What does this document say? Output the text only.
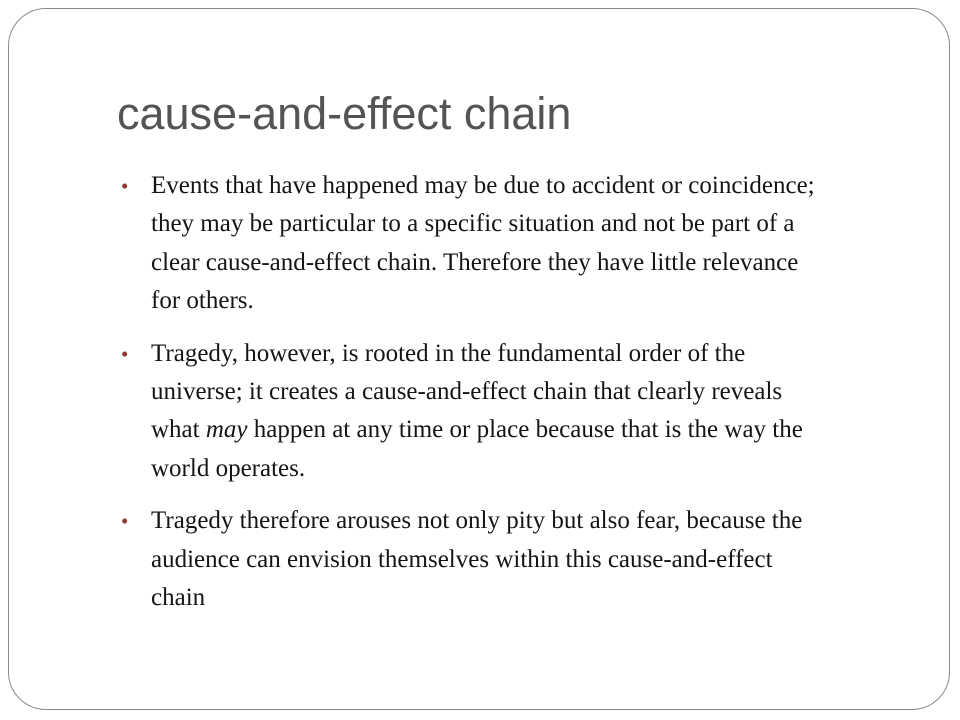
cause-and-effect chain
• Events that have happened may be due to accident or coincidence;
they may be particular to a specific situation and not be part of a
clear cause-and-effect chain. Therefore they have little relevance
for others.
• Tragedy, however, is rooted in the fundamental order of the
universe; it creates a cause-and-effect chain that clearly reveals
what may happen at any time or place because that is the way the
world operates.
• Tragedy therefore arouses not only pity but also fear, because the
audience can envision themselves within this cause-and-effect
chain
